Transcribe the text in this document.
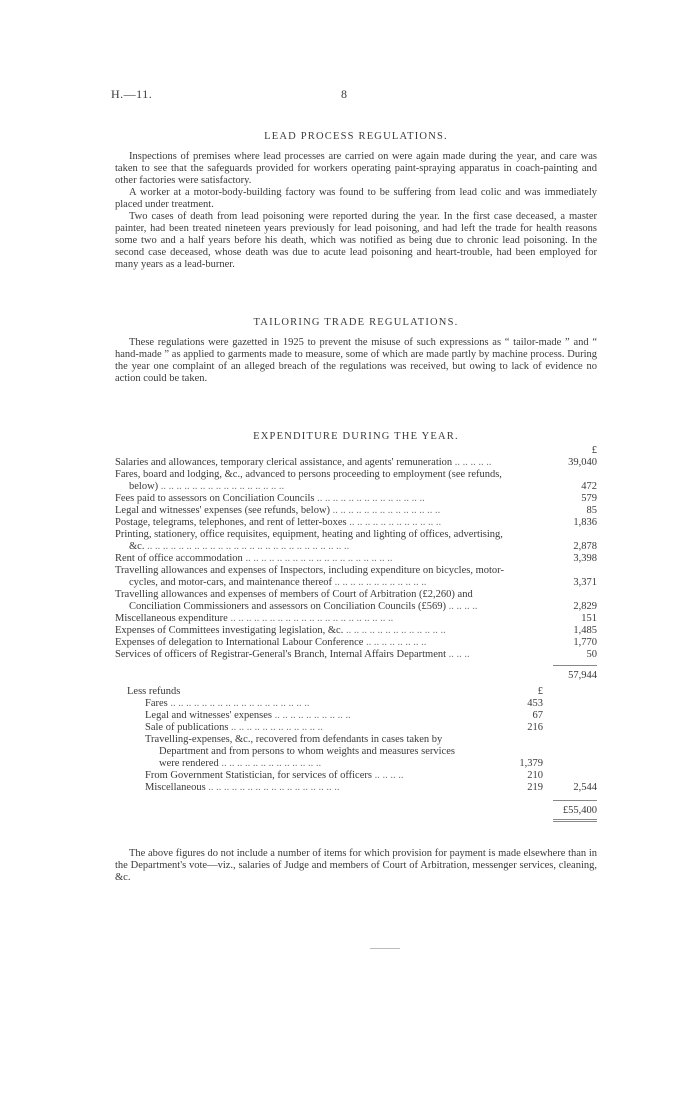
H.—11.	8
LEAD PROCESS REGULATIONS.

Inspections of premises where lead processes are carried on were again made during the year, and care was taken to see that the safeguards provided for workers operating paint-spraying apparatus in coach-painting and other factories were satisfactory.

A worker at a motor-body-building factory was found to be suffering from lead colic and was immediately placed under treatment.

Two cases of death from lead poisoning were reported during the year. In the first case deceased, a master painter, had been treated nineteen years previously for lead poisoning, and had left the trade for health reasons some two and a half years before his death, which was notified as being due to chronic lead poisoning. In the second case deceased, whose death was due to acute lead poisoning and heart-trouble, had been employed for many years as a lead-burner.

TAILORING TRADE REGULATIONS.

These regulations were gazetted in 1925 to prevent the misuse of such expressions as “ tailor-made ” and “ hand-made ” as applied to garments made to measure, some of which are made partly by machine process. During the year one complaint of an alleged breach of the regulations was received, but owing to lack of evidence no action could be taken.

EXPENDITURE DURING THE YEAR.
£
Salaries and allowances, temporary clerical assistance, and agents' remuneration .. .. .. .. ..	39,040
Fares, board and lodging, &c., advanced to persons proceeding to employment (see refunds,
below) .. .. .. .. .. .. .. .. .. .. .. .. .. .. .. ..	472
Fees paid to assessors on Conciliation Councils .. .. .. .. .. .. .. .. .. .. .. .. .. ..	579
Legal and witnesses' expenses (see refunds, below) .. .. .. .. .. .. .. .. .. .. .. .. .. ..	85
Postage, telegrams, telephones, and rent of letter-boxes .. .. .. .. .. .. .. .. .. .. .. ..	1,836
Printing, stationery, office requisites, equipment, heating and lighting of offices, advertising,
&c. .. .. .. .. .. .. .. .. .. .. .. .. .. .. .. .. .. .. .. .. .. .. .. .. .. ..	2,878
Rent of office accommodation .. .. .. .. .. .. .. .. .. .. .. .. .. .. .. .. .. .. ..	3,398
Travelling allowances and expenses of Inspectors, including expenditure on bicycles, motor-
cycles, and motor-cars, and maintenance thereof .. .. .. .. .. .. .. .. .. .. .. ..	3,371
Travelling allowances and expenses of members of Court of Arbitration (£2,260) and
Conciliation Commissioners and assessors on Conciliation Councils (£569) .. .. .. ..	2,829
Miscellaneous expenditure .. .. .. .. .. .. .. .. .. .. .. .. .. .. .. .. .. .. .. .. ..	151
Expenses of Committees investigating legislation, &c. .. .. .. .. .. .. .. .. .. .. .. .. ..	1,485
Expenses of delegation to International Labour Conference .. .. .. .. .. .. .. ..	1,770
Services of officers of Registrar-General's Branch, Internal Affairs Department .. .. ..	50
57,944
Less refunds	£
Fares .. .. .. .. .. .. .. .. .. .. .. .. .. .. .. .. .. ..	453
Legal and witnesses' expenses .. .. .. .. .. .. .. .. .. ..	67
Sale of publications .. .. .. .. .. .. .. .. .. .. .. ..	216
Travelling-expenses, &c., recovered from defendants in cases taken by
Department and from persons to whom weights and measures services
were rendered .. .. .. .. .. .. .. .. .. .. .. .. ..	1,379
From Government Statistician, for services of officers .. .. .. ..	210
Miscellaneous .. .. .. .. .. .. .. .. .. .. .. .. .. .. .. .. ..	219	2,544
£55,400

The above figures do not include a number of items for which provision for payment is made elsewhere than in the Department's vote—viz., salaries of Judge and members of Court of Arbitration, messenger services, cleaning, &c.
